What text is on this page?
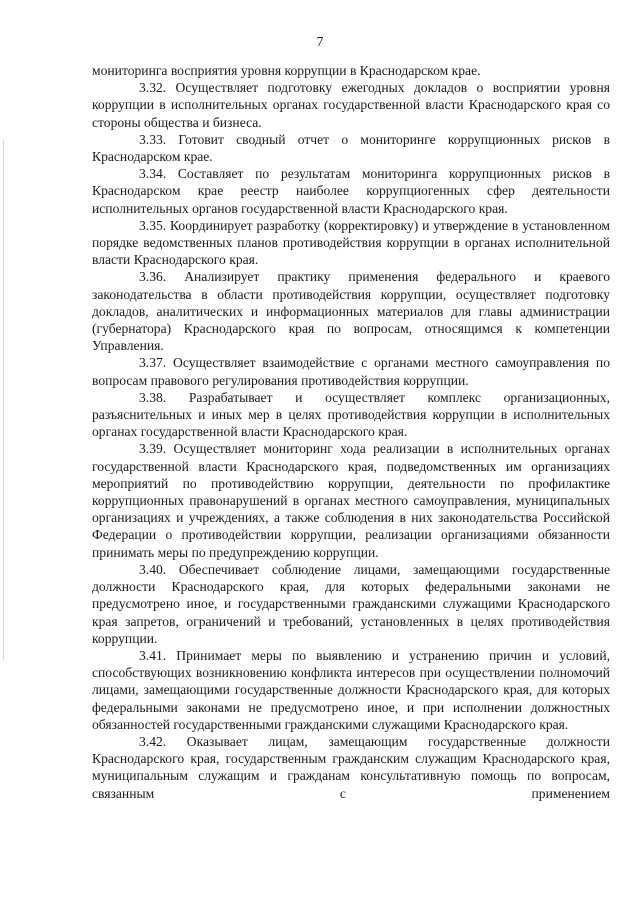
7

мониторинга восприятия уровня коррупции в Краснодарском крае.

3.32. Осуществляет подготовку ежегодных докладов о восприятии уровня коррупции в исполнительных органах государственной власти Краснодарского края со стороны общества и бизнеса.

3.33. Готовит сводный отчет о мониторинге коррупционных рисков в Краснодарском крае.

3.34. Составляет по результатам мониторинга коррупционных рисков в Краснодарском крае реестр наиболее коррупциогенных сфер деятельности исполнительных органов государственной власти Краснодарского края.

3.35. Координирует разработку (корректировку) и утверждение в установленном порядке ведомственных планов противодействия коррупции в органах исполнительной власти Краснодарского края.

3.36. Анализирует практику применения федерального и краевого законодательства в области противодействия коррупции, осуществляет подготовку докладов, аналитических и информационных материалов для главы администрации (губернатора) Краснодарского края по вопросам, относящимся к компетенции Управления.

3.37. Осуществляет взаимодействие с органами местного самоуправления по вопросам правового регулирования противодействия коррупции.

3.38. Разрабатывает и осуществляет комплекс организационных, разъяснительных и иных мер в целях противодействия коррупции в исполнительных органах государственной власти Краснодарского края.

3.39. Осуществляет мониторинг хода реализации в исполнительных органах государственной власти Краснодарского края, подведомственных им организациях мероприятий по противодействию коррупции, деятельности по профилактике коррупционных правонарушений в органах местного самоуправления, муниципальных организациях и учреждениях, а также соблюдения в них законодательства Российской Федерации о противодействии коррупции, реализации организациями обязанности принимать меры по предупреждению коррупции.

3.40. Обеспечивает соблюдение лицами, замещающими государственные должности Краснодарского края, для которых федеральными законами не предусмотрено иное, и государственными гражданскими служащими Краснодарского края запретов, ограничений и требований, установленных в целях противодействия коррупции.

3.41. Принимает меры по выявлению и устранению причин и условий, способствующих возникновению конфликта интересов при осуществлении полномочий лицами, замещающими государственные должности Краснодарского края, для которых федеральными законами не предусмотрено иное, и при исполнении должностных обязанностей государственными гражданскими служащими Краснодарского края.

3.42. Оказывает лицам, замещающим государственные должности Краснодарского края, государственным гражданским служащим Краснодарского края, муниципальным служащим и гражданам консультативную помощь по вопросам, связанным с применением
